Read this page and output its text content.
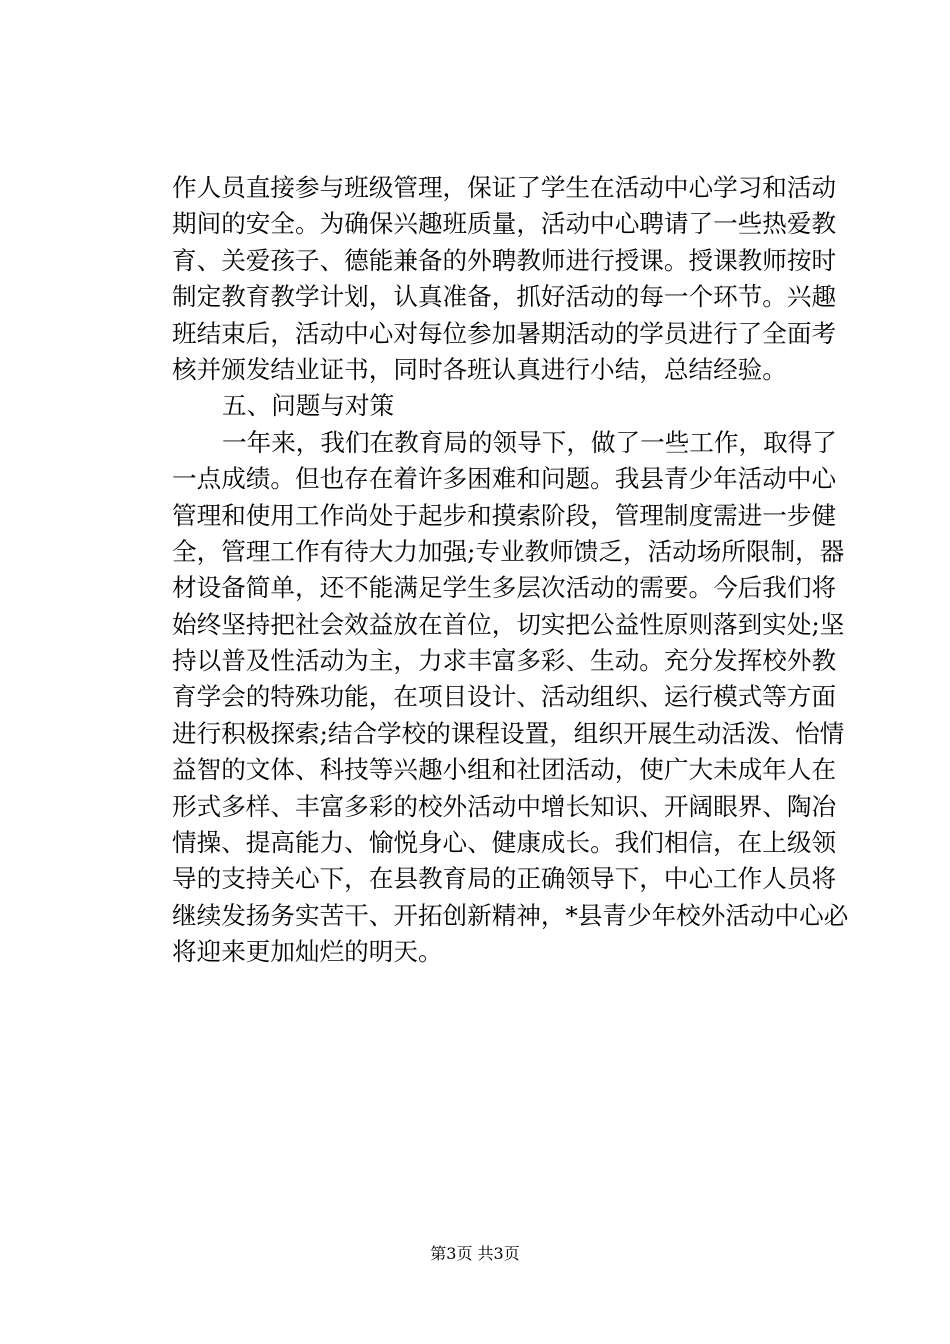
作人员直接参与班级管理，保证了学生在活动中心学习和活动
期间的安全。为确保兴趣班质量，活动中心聘请了一些热爱教
育、关爱孩子、德能兼备的外聘教师进行授课。授课教师按时
制定教育教学计划，认真准备，抓好活动的每一个环节。兴趣
班结束后，活动中心对每位参加暑期活动的学员进行了全面考
核并颁发结业证书，同时各班认真进行小结，总结经验。
五、问题与对策
一年来，我们在教育局的领导下，做了一些工作，取得了
一点成绩。但也存在着许多困难和问题。我县青少年活动中心
管理和使用工作尚处于起步和摸索阶段，管理制度需进一步健
全，管理工作有待大力加强;专业教师馈乏，活动场所限制，器
材设备简单，还不能满足学生多层次活动的需要。今后我们将
始终坚持把社会效益放在首位，切实把公益性原则落到实处;坚
持以普及性活动为主，力求丰富多彩、生动。充分发挥校外教
育学会的特殊功能，在项目设计、活动组织、运行模式等方面
进行积极探索;结合学校的课程设置，组织开展生动活泼、怡情
益智的文体、科技等兴趣小组和社团活动，使广大未成年人在
形式多样、丰富多彩的校外活动中增长知识、开阔眼界、陶冶
情操、提高能力、愉悦身心、健康成长。我们相信，在上级领
导的支持关心下，在县教育局的正确领导下，中心工作人员将
继续发扬务实苦干、开拓创新精神，*县青少年校外活动中心必
将迎来更加灿烂的明天。
第3页 共3页
